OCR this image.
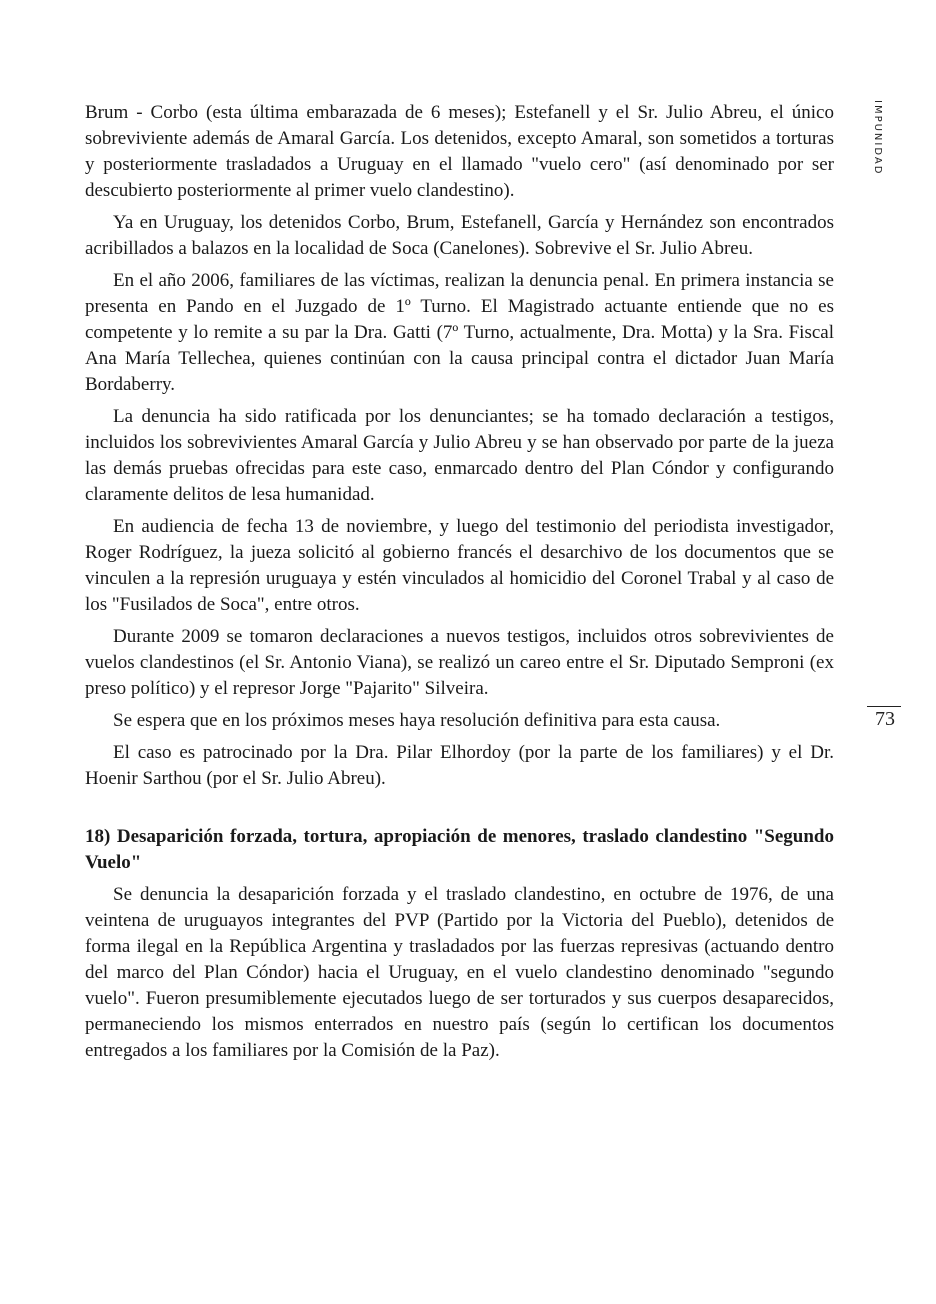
IMPUNIDAD
73

Brum - Corbo (esta última embarazada de 6 meses); Estefanell y el Sr. Julio Abreu, el único sobreviviente además de Amaral García. Los detenidos, excepto Amaral, son sometidos a torturas y posteriormente trasladados a Uruguay en el llamado "vuelo cero" (así denominado por ser descubierto posteriormente al primer vuelo clandestino).

Ya en Uruguay, los detenidos Corbo, Brum, Estefanell, García y Hernández son encontrados acribillados a balazos en la localidad de Soca (Canelones). Sobrevive el Sr. Julio Abreu.

En el año 2006, familiares de las víctimas, realizan la denuncia penal. En primera instancia se presenta en Pando en el Juzgado de 1º Turno. El Magistrado actuante entiende que no es competente y lo remite a su par la Dra. Gatti (7º Turno, actualmente, Dra. Motta) y la Sra. Fiscal Ana María Tellechea, quienes continúan con la causa principal contra el dictador Juan María Bordaberry.

La denuncia ha sido ratificada por los denunciantes; se ha tomado declaración a testigos, incluidos los sobrevivientes Amaral García y Julio Abreu y se han observado por parte de la jueza las demás pruebas ofrecidas para este caso, enmarcado dentro del Plan Cóndor y configurando claramente delitos de lesa humanidad.

En audiencia de fecha 13 de noviembre, y luego del testimonio del periodista investigador, Roger Rodríguez, la jueza solicitó al gobierno francés el desarchivo de los documentos que se vinculen a la represión uruguaya y estén vinculados al homicidio del Coronel Trabal y al caso de los "Fusilados de Soca", entre otros.

Durante 2009 se tomaron declaraciones a nuevos testigos, incluidos otros sobrevivientes de vuelos clandestinos (el Sr. Antonio Viana), se realizó un careo entre el Sr. Diputado Semproni (ex preso político) y el represor Jorge "Pajarito" Silveira.

Se espera que en los próximos meses haya resolución definitiva para esta causa.

El caso es patrocinado por la Dra. Pilar Elhordoy (por la parte de los familiares) y el Dr. Hoenir Sarthou (por el Sr. Julio Abreu).

18) Desaparición forzada, tortura, apropiación de menores, traslado clandestino "Segundo Vuelo"

Se denuncia la desaparición forzada y el traslado clandestino, en octubre de 1976, de una veintena de uruguayos integrantes del PVP (Partido por la Victoria del Pueblo), detenidos de forma ilegal en la República Argentina y trasladados por las fuerzas represivas (actuando dentro del marco del Plan Cóndor) hacia el Uruguay, en el vuelo clandestino denominado "segundo vuelo". Fueron presumiblemente ejecutados luego de ser torturados y sus cuerpos desaparecidos, permaneciendo los mismos enterrados en nuestro país (según lo certifican los documentos entregados a los familiares por la Comisión de la Paz).
